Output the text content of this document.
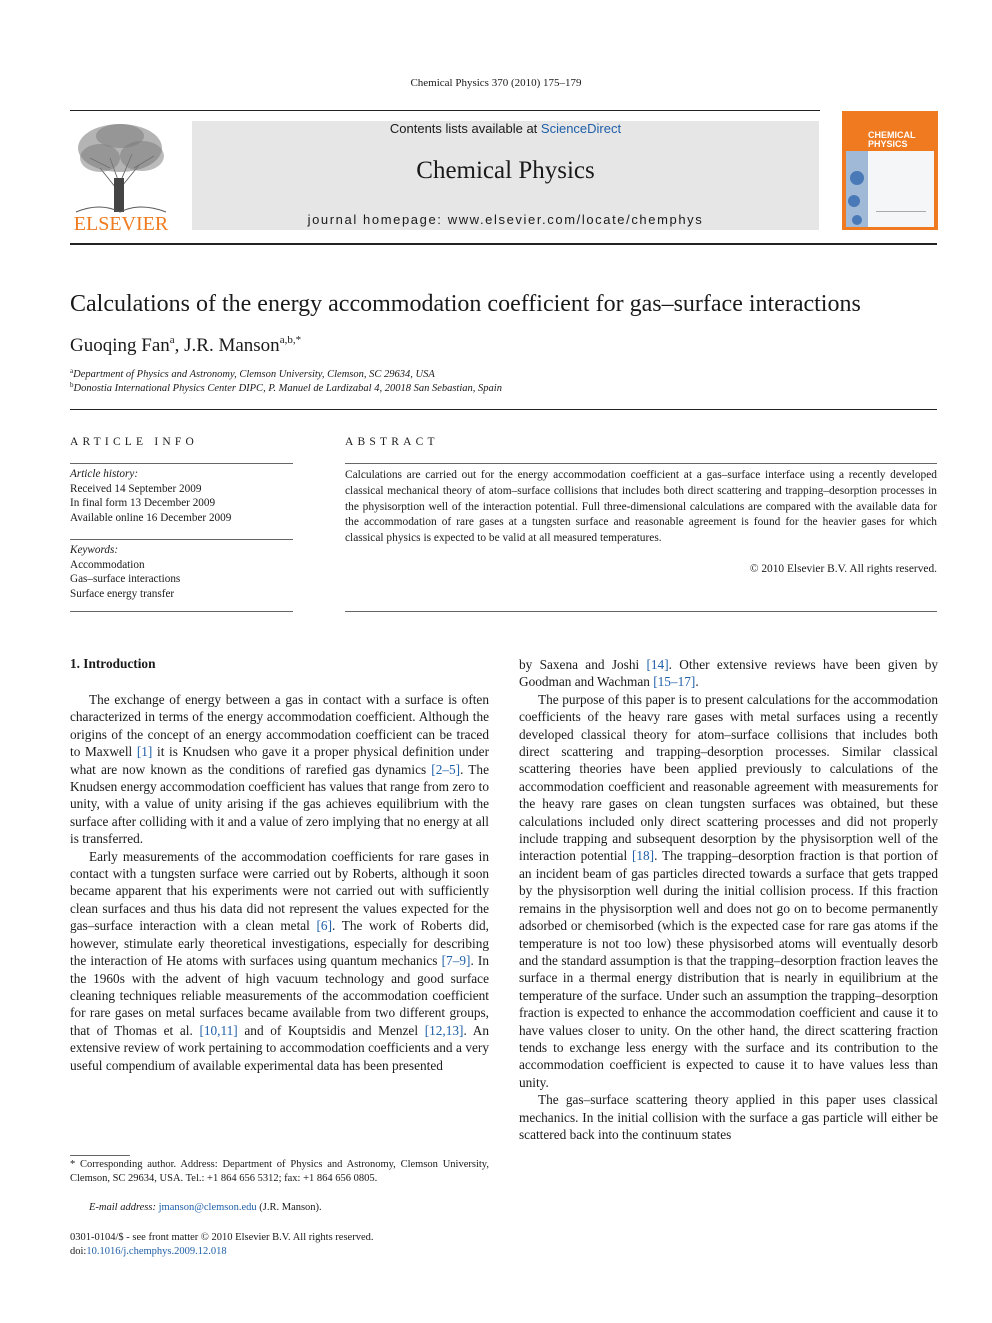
Chemical Physics 370 (2010) 175–179
ELSEVIER
Contents lists available at ScienceDirect
Chemical Physics
journal homepage: www.elsevier.com/locate/chemphys
CHEMICAL
PHYSICS
Calculations of the energy accommodation coefficient for gas–surface interactions
Guoqing Fan$^a$, J.R. Manson$^{a,b,*}$
$^a$Department of Physics and Astronomy, Clemson University, Clemson, SC 29634, USA
$^b$Donostia International Physics Center DIPC, P. Manuel de Lardizabal 4, 20018 San Sebastian, Spain
ARTICLE INFO
Article history:
Received 14 September 2009
In final form 13 December 2009
Available online 16 December 2009
Keywords:
Accommodation
Gas–surface interactions
Surface energy transfer
ABSTRACT
Calculations are carried out for the energy accommodation coefficient at a gas–surface interface using a recently developed classical mechanical theory of atom–surface collisions that includes both direct scattering and trapping–desorption processes in the physisorption well of the interaction potential. Full three-dimensional calculations are compared with the available data for the accommodation of rare gases at a tungsten surface and reasonable agreement is found for the heavier gases for which classical physics is expected to be valid at all measured temperatures.
© 2010 Elsevier B.V. All rights reserved.
1. Introduction

The exchange of energy between a gas in contact with a surface is often characterized in terms of the energy accommodation coefficient. Although the origins of the concept of an energy accommodation coefficient can be traced to Maxwell [1] it is Knudsen who gave it a proper physical definition under what are now known as the conditions of rarefied gas dynamics [2–5]. The Knudsen energy accommodation coefficient has values that range from zero to unity, with a value of unity arising if the gas achieves equilibrium with the surface after colliding with it and a value of zero implying that no energy at all is transferred.

Early measurements of the accommodation coefficients for rare gases in contact with a tungsten surface were carried out by Roberts, although it soon became apparent that his experiments were not carried out with sufficiently clean surfaces and thus his data did not represent the values expected for the gas–surface interaction with a clean metal [6]. The work of Roberts did, however, stimulate early theoretical investigations, especially for describing the interaction of He atoms with surfaces using quantum mechanics [7–9]. In the 1960s with the advent of high vacuum technology and good surface cleaning techniques reliable measurements of the accommodation coefficient for rare gases on metal surfaces became available from two different groups, that of Thomas et al. [10,11] and of Kouptsidis and Menzel [12,13]. An extensive review of work pertaining to accommodation coefficients and a very useful compendium of available experimental data has been presented

by Saxena and Joshi [14]. Other extensive reviews have been given by Goodman and Wachman [15–17].

The purpose of this paper is to present calculations for the accommodation coefficients of the heavy rare gases with metal surfaces using a recently developed classical theory for atom–surface collisions that includes both direct scattering and trapping–desorption processes. Similar classical scattering theories have been applied previously to calculations of the accommodation coefficient and reasonable agreement with measurements for the heavy rare gases on clean tungsten surfaces was obtained, but these calculations included only direct scattering processes and did not properly include trapping and subsequent desorption by the physisorption well of the interaction potential [18]. The trapping–desorption fraction is that portion of an incident beam of gas particles directed towards a surface that gets trapped by the physisorption well during the initial collision process. If this fraction remains in the physisorption well and does not go on to become permanently adsorbed or chemisorbed (which is the expected case for rare gas atoms if the temperature is not too low) these physisorbed atoms will eventually desorb and the standard assumption is that the trapping–desorption fraction leaves the surface in a thermal energy distribution that is nearly in equilibrium at the temperature of the surface. Under such an assumption the trapping–desorption fraction is expected to enhance the accommodation coefficient and cause it to have values closer to unity. On the other hand, the direct scattering fraction tends to exchange less energy with the surface and its contribution to the accommodation coefficient is expected to cause it to have values less than unity.

The gas–surface scattering theory applied in this paper uses classical mechanics. In the initial collision with the surface a gas particle will either be scattered back into the continuum states

* Corresponding author. Address: Department of Physics and Astronomy, Clemson University, Clemson, SC 29634, USA. Tel.: +1 864 656 5312; fax: +1 864 656 0805.
E-mail address: jmanson@clemson.edu (J.R. Manson).
0301-0104/$ - see front matter © 2010 Elsevier B.V. All rights reserved.
doi:10.1016/j.chemphys.2009.12.018
